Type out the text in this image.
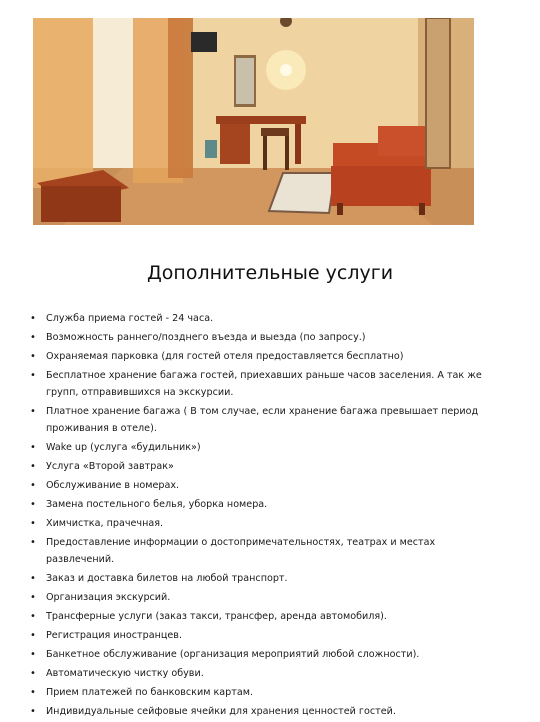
Дополнительные услуги
• Служба приема гостей - 24 часа.
• Возможность раннего/позднего въезда и выезда (по запросу.)
• Охраняемая парковка (для гостей отеля предоставляется бесплатно)
• Бесплатное хранение багажа гостей, приехавших раньше часов заселения. А так же групп, отправившихся на экскурсии.
• Платное хранение багажа ( В том случае, если хранение багажа превышает период проживания в отеле).
• Wake up (услуга «будильник»)
• Услуга «Второй завтрак»
• Обслуживание в номерах.
• Замена постельного белья, уборка номера.
• Химчистка, прачечная.
• Предоставление информации о достопримечательностях, театрах и местах развлечений.
• Заказ и доставка билетов на любой транспорт.
• Организация экскурсий.
• Трансферные услуги (заказ такси, трансфер, аренда автомобиля).
• Регистрация иностранцев.
• Банкетное обслуживание (организация мероприятий любой сложности).
• Автоматическую чистку обуви.
• Прием платежей по банковским картам.
• Индивидуальные сейфовые ячейки для хранения ценностей гостей.
